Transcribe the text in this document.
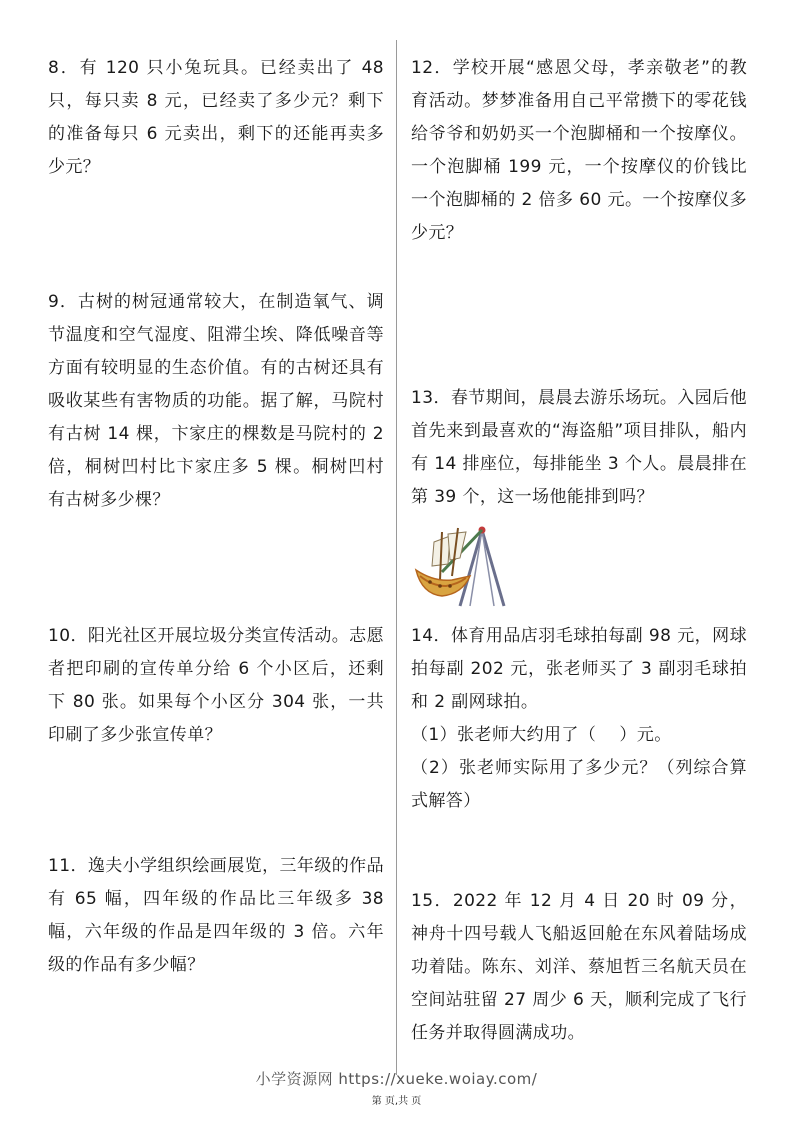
8．有 120 只小兔玩具。已经卖出了 48 只，每只卖 8 元，已经卖了多少元？剩下的准备每只 6 元卖出，剩下的还能再卖多少元？

9．古树的树冠通常较大，在制造氧气、调节温度和空气湿度、阻滞尘埃、降低噪音等方面有较明显的生态价值。有的古树还具有吸收某些有害物质的功能。据了解，马院村有古树 14 棵，卞家庄的棵数是马院村的 2 倍，桐树凹村比卞家庄多 5 棵。桐树凹村有古树多少棵？

10．阳光社区开展垃圾分类宣传活动。志愿者把印刷的宣传单分给 6 个小区后，还剩下 80 张。如果每个小区分 304 张，一共印刷了多少张宣传单？

11．逸夫小学组织绘画展览，三年级的作品有 65 幅，四年级的作品比三年级多 38 幅，六年级的作品是四年级的 3 倍。六年级的作品有多少幅？

12．学校开展“感恩父母，孝亲敬老”的教育活动。梦梦准备用自己平常攒下的零花钱给爷爷和奶奶买一个泡脚桶和一个按摩仪。一个泡脚桶 199 元，一个按摩仪的价钱比一个泡脚桶的 2 倍多 60 元。一个按摩仪多少元？

13．春节期间，晨晨去游乐场玩。入园后他首先来到最喜欢的“海盗船”项目排队，船内有 14 排座位，每排能坐 3 个人。晨晨排在第 39 个，这一场他能排到吗？

14．体育用品店羽毛球拍每副 98 元，网球拍每副 202 元，张老师买了 3 副羽毛球拍和 2 副网球拍。
（1）张老师大约用了（    ）元。
（2）张老师实际用了多少元？（列综合算式解答）

15．2022 年 12 月 4 日 20 时 09 分，神舟十四号载人飞船返回舱在东风着陆场成功着陆。陈东、刘洋、蔡旭哲三名航天员在空间站驻留 27 周少 6 天，顺利完成了飞行任务并取得圆满成功。

小学资源网 https://xueke.woiay.com/
第 页,共 页
